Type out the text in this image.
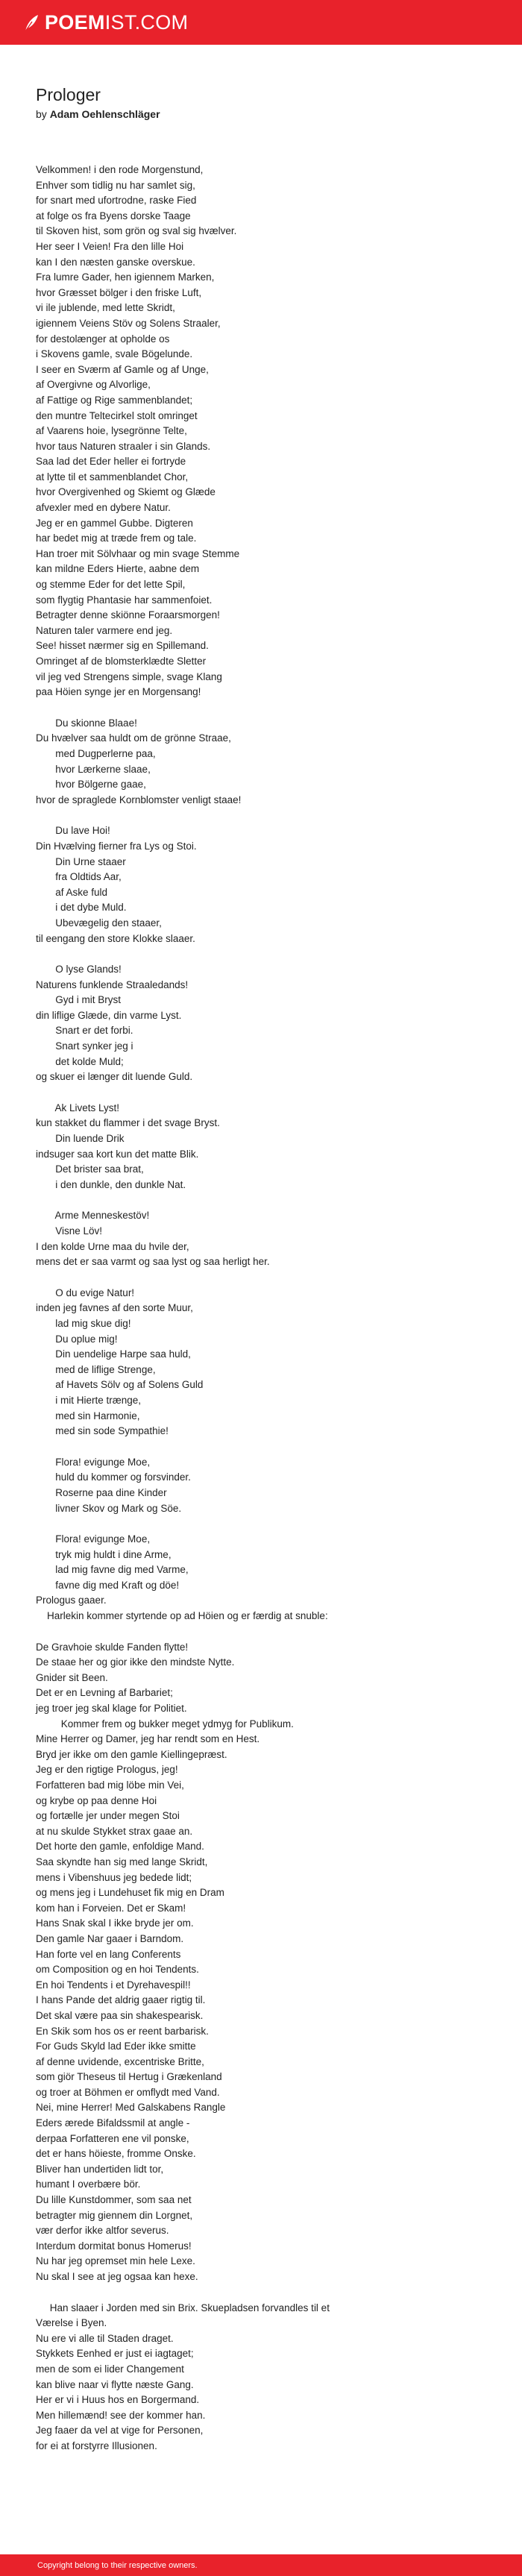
POEMIST.COM
Prologer
by Adam Oehlenschläger
Velkommen! i den rode Morgenstund,
Enhver som tidlig nu har samlet sig,
for snart med ufortrodne, raske Fied
at folge os fra Byens dorske Taage
til Skoven hist, som grön og sval sig hvælver.
Her seer I Veien! Fra den lille Hoi
kan I den næsten ganske overskue.
Fra lumre Gader, hen igiennem Marken,
hvor Græsset bölger i den friske Luft,
vi ile jublende, med lette Skridt,
igiennem Veiens Stöv og Solens Straaler,
for destolænger at opholde os
i Skovens gamle, svale Bögelunde.
I seer en Sværm af Gamle og af Unge,
af Overgivne og Alvorlige,
af Fattige og Rige sammenblandet;
den muntre Teltecirkel stolt omringet
af Vaarens hoie, lysegrönne Telte,
hvor taus Naturen straaler i sin Glands.
Saa lad det Eder heller ei fortryde
at lytte til et sammenblandet Chor,
hvor Overgivenhed og Skiemt og Glæde
afvexler med en dybere Natur.
Jeg er en gammel Gubbe. Digteren
har bedet mig at træde frem og tale.
Han troer mit Sölvhaar og min svage Stemme
kan mildne Eders Hierte, aabne dem
og stemme Eder for det lette Spil,
som flygtig Phantasie har sammenfoiet.
Betragter denne skiönne Foraarsmorgen!
Naturen taler varmere end jeg.
See! hisset nærmer sig en Spillemand.
Omringet af de blomsterklædte Sletter
vil jeg ved Strengens simple, svage Klang
paa Höien synge jer en Morgensang!
Du skionne Blaae!
Du hvælver saa huldt om de grönne Straae,
med Dugperlerne paa,
hvor Lærkerne slaae,
hvor Bölgerne gaae,
hvor de spraglede Kornblomster venligt staae!
Du lave Hoi!
Din Hvælving fierner fra Lys og Stoi.
Din Urne staaer
fra Oldtids Aar,
af Aske fuld
i det dybe Muld.
Ubevægelig den staaer,
til eengang den store Klokke slaaer.
O lyse Glands!
Naturens funklende Straaledands!
Gyd i mit Bryst
din liflige Glæde, din varme Lyst.
Snart er det forbi.
Snart synker jeg i
det kolde Muld;
og skuer ei længer dit luende Guld.
Ak Livets Lyst!
kun stakket du flammer i det svage Bryst.
Din luende Drik
indsuger saa kort kun det matte Blik.
Det brister saa brat,
i den dunkle, den dunkle Nat.
Arme Menneskestöv!
Visne Löv!
I den kolde Urne maa du hvile der,
mens det er saa varmt og saa lyst og saa herligt her.
O du evige Natur!
inden jeg favnes af den sorte Muur,
lad mig skue dig!
Du oplue mig!
Din uendelige Harpe saa huld,
med de liflige Strenge,
af Havets Sölv og af Solens Guld
i mit Hierte trænge,
med sin Harmonie,
med sin sode Sympathie!
Flora! evigunge Moe,
huld du kommer og forsvinder.
Roserne paa dine Kinder
livner Skov og Mark og Söe.
Flora! evigunge Moe,
tryk mig huldt i dine Arme,
lad mig favne dig med Varme,
favne dig med Kraft og döe!
Prologus gaaer.
Harlekin kommer styrtende op ad Höien og er færdig at snuble:
De Gravhoie skulde Fanden flytte!
De staae her og gior ikke den mindste Nytte.
Gnider sit Been.
Det er en Levning af Barbariet;
jeg troer jeg skal klage for Politiet.
Kommer frem og bukker meget ydmyg for Publikum.
Mine Herrer og Damer, jeg har rendt som en Hest.
Bryd jer ikke om den gamle Kiellingepræst.
Jeg er den rigtige Prologus, jeg!
Forfatteren bad mig löbe min Vei,
og krybe op paa denne Hoi
og fortælle jer under megen Stoi
at nu skulde Stykket strax gaae an.
Det horte den gamle, enfoldige Mand.
Saa skyndte han sig med lange Skridt,
mens i Vibenshuus jeg bedede lidt;
og mens jeg i Lundehuset fik mig en Dram
kom han i Forveien. Det er Skam!
Hans Snak skal I ikke bryde jer om.
Den gamle Nar gaaer i Barndom.
Han forte vel en lang Conferents
om Composition og en hoi Tendents.
En hoi Tendents i et Dyrehavespil!!
I hans Pande det aldrig gaaer rigtig til.
Det skal være paa sin shakespearisk.
En Skik som hos os er reent barbarisk.
For Guds Skyld lad Eder ikke smitte
af denne uvidende, excentriske Britte,
som giör Theseus til Hertug i Grækenland
og troer at Böhmen er omflydt med Vand.
Nei, mine Herrer! Med Galskabens Rangle
Eders ærede Bifaldssmil at angle -
derpaa Forfatteren ene vil ponske,
det er hans höieste, fromme Onske.
Bliver han undertiden lidt tor,
humant I overbære bör.
Du lille Kunstdommer, som saa net
betragter mig giennem din Lorgnet,
vær derfor ikke altfor severus.
Interdum dormitat bonus Homerus!
Nu har jeg opremset min hele Lexe.
Nu skal I see at jeg ogsaa kan hexe.
Han slaaer i Jorden med sin Brix. Skuepladsen forvandles til et
Værelse i Byen.
Nu ere vi alle til Staden draget.
Stykkets Eenhed er just ei iagtaget;
men de som ei lider Changement
kan blive naar vi flytte næste Gang.
Her er vi i Huus hos en Borgermand.
Men hillemænd! see der kommer han.
Jeg faaer da vel at vige for Personen,
for ei at forstyrre Illusionen.
Copyright belong to their respective owners.
